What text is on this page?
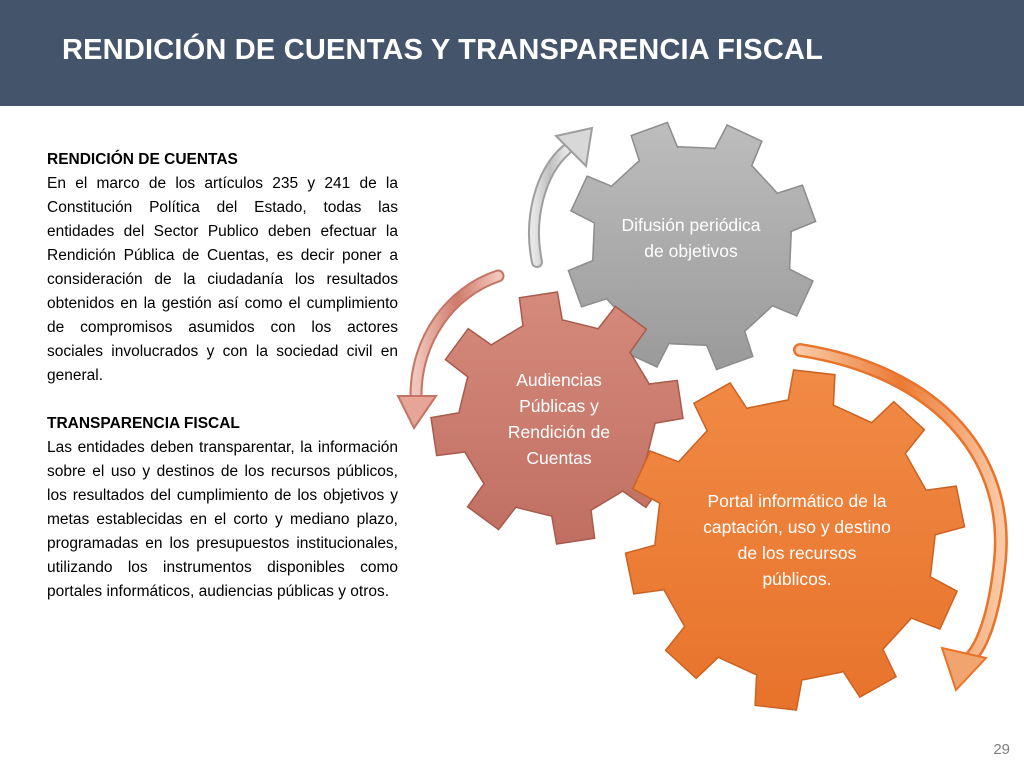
RENDICIÓN DE CUENTAS Y TRANSPARENCIA FISCAL
RENDICIÓN DE CUENTAS
En el marco de los artículos 235 y 241 de la Constitución Política del Estado, todas las entidades del Sector Publico deben efectuar la Rendición Pública de Cuentas, es decir poner a consideración de la ciudadanía los resultados obtenidos en la gestión así como el cumplimiento de compromisos asumidos con los actores sociales involucrados y con la sociedad civil en general.
TRANSPARENCIA FISCAL
Las entidades deben transparentar, la información sobre el uso y destinos de los recursos públicos, los resultados del cumplimiento de los objetivos y metas establecidas en el corto y mediano plazo, programadas en los presupuestos institucionales, utilizando los instrumentos disponibles como portales informáticos, audiencias públicas y otros.
Difusión periódica de objetivos
Audiencias Públicas y Rendición de Cuentas
Portal informático de la captación, uso y destino de los recursos públicos.
29
